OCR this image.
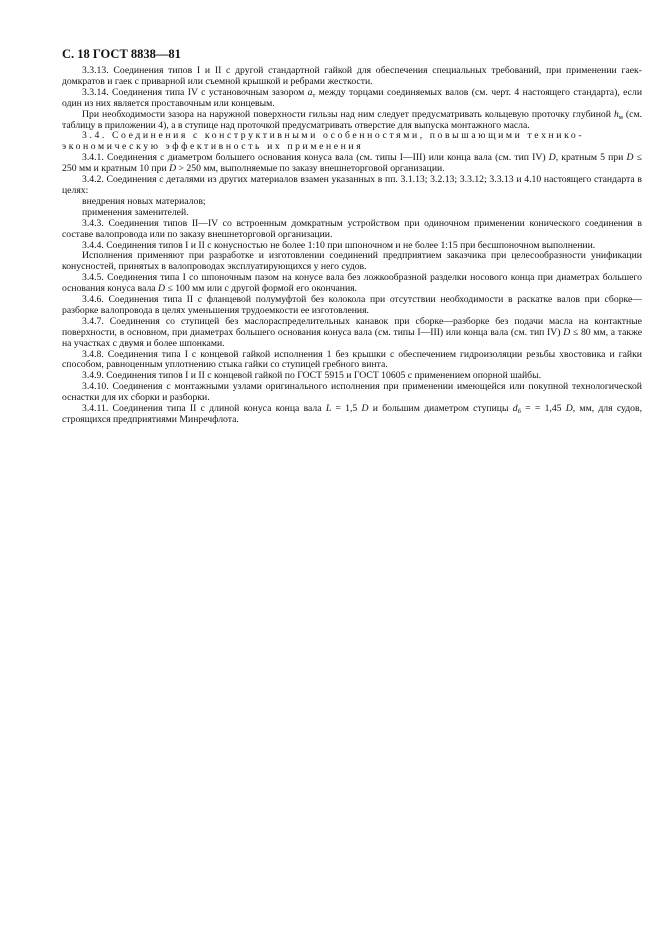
С. 18 ГОСТ 8838—81

3.3.13. Соединения типов I и II с другой стандартной гайкой для обеспечения специальных требований, при применении гаек-домкратов и гаек с приварной или съемной крышкой и ребрами жесткости.

3.3.14. Соединения типа IV с установочным зазором $a_т$ между торцами соединяемых валов (см. черт. 4 настоящего стандарта), если один из них является проставочным или концевым.

При необходимости зазора на наружной поверхности гильзы над ним следует предусматривать кольцевую проточку глубиной $h_м$ (см. таблицу в приложении 4), а в ступице над проточкой предусматривать отверстие для выпуска монтажного масла.

3.4. Соединения с конструктивными особенностями, повышающими технико-экономическую эффективность их применения

3.4.1. Соединения с диаметром большего основания конуса вала (см. типы I—III) или конца вала (см. тип IV) D, кратным 5 при D ≤ 250 мм и кратным 10 при D > 250 мм, выполняемые по заказу внешнеторговой организации.

3.4.2. Соединения с деталями из других материалов взамен указанных в пп. 3.1.13; 3.2.13; 3.3.12; 3.3.13 и 4.10 настоящего стандарта в целях:

внедрения новых материалов;

применения заменителей.

3.4.3. Соединения типов II—IV со встроенным домкратным устройством при одиночном применении конического соединения в составе валопровода или по заказу внешнеторговой организации.

3.4.4. Соединения типов I и II с конусностью не более 1:10 при шпоночном и не более 1:15 при бесшпоночном выполнении.

Исполнения применяют при разработке и изготовлении соединений предприятием заказчика при целесообразности унификации конусностей, принятых в валопроводах эксплуатирующихся у него судов.

3.4.5. Соединения типа I со шпоночным пазом на конусе вала без ложкообразной разделки носового конца при диаметрах большего основания конуса вала D ≤ 100 мм или с другой формой его окончания.

3.4.6. Соединения типа II с фланцевой полумуфтой без колокола при отсутствии необходимости в раскатке валов при сборке—разборке валопровода в целях уменьшения трудоемкости ее изготовления.

3.4.7. Соединения со ступицей без маслораспределительных канавок при сборке—разборке без подачи масла на контактные поверхности, в основном, при диаметрах большего основания конуса вала (см. типы I—III) или конца вала (см. тип IV) D ≤ 80 мм, а также на участках с двумя и более шпонками.

3.4.8. Соединения типа I с концевой гайкой исполнения 1 без крышки с обеспечением гидроизоляции резьбы хвостовика и гайки способом, равноценным уплотнению стыка гайки со ступицей гребного винта.

3.4.9. Соединения типов I и II с концевой гайкой по ГОСТ 5915 и ГОСТ 10605 с применением опорной шайбы.

3.4.10. Соединения с монтажными узлами оригинального исполнения при применении имеющейся или покупной технологической оснастки для их сборки и разборки.

3.4.11. Соединения типа II с длиной конуса конца вала L = 1,5 D и большим диаметром ступицы $d_б$ = = 1,45 D, мм, для судов, строящихся предприятиями Минречфлота.
